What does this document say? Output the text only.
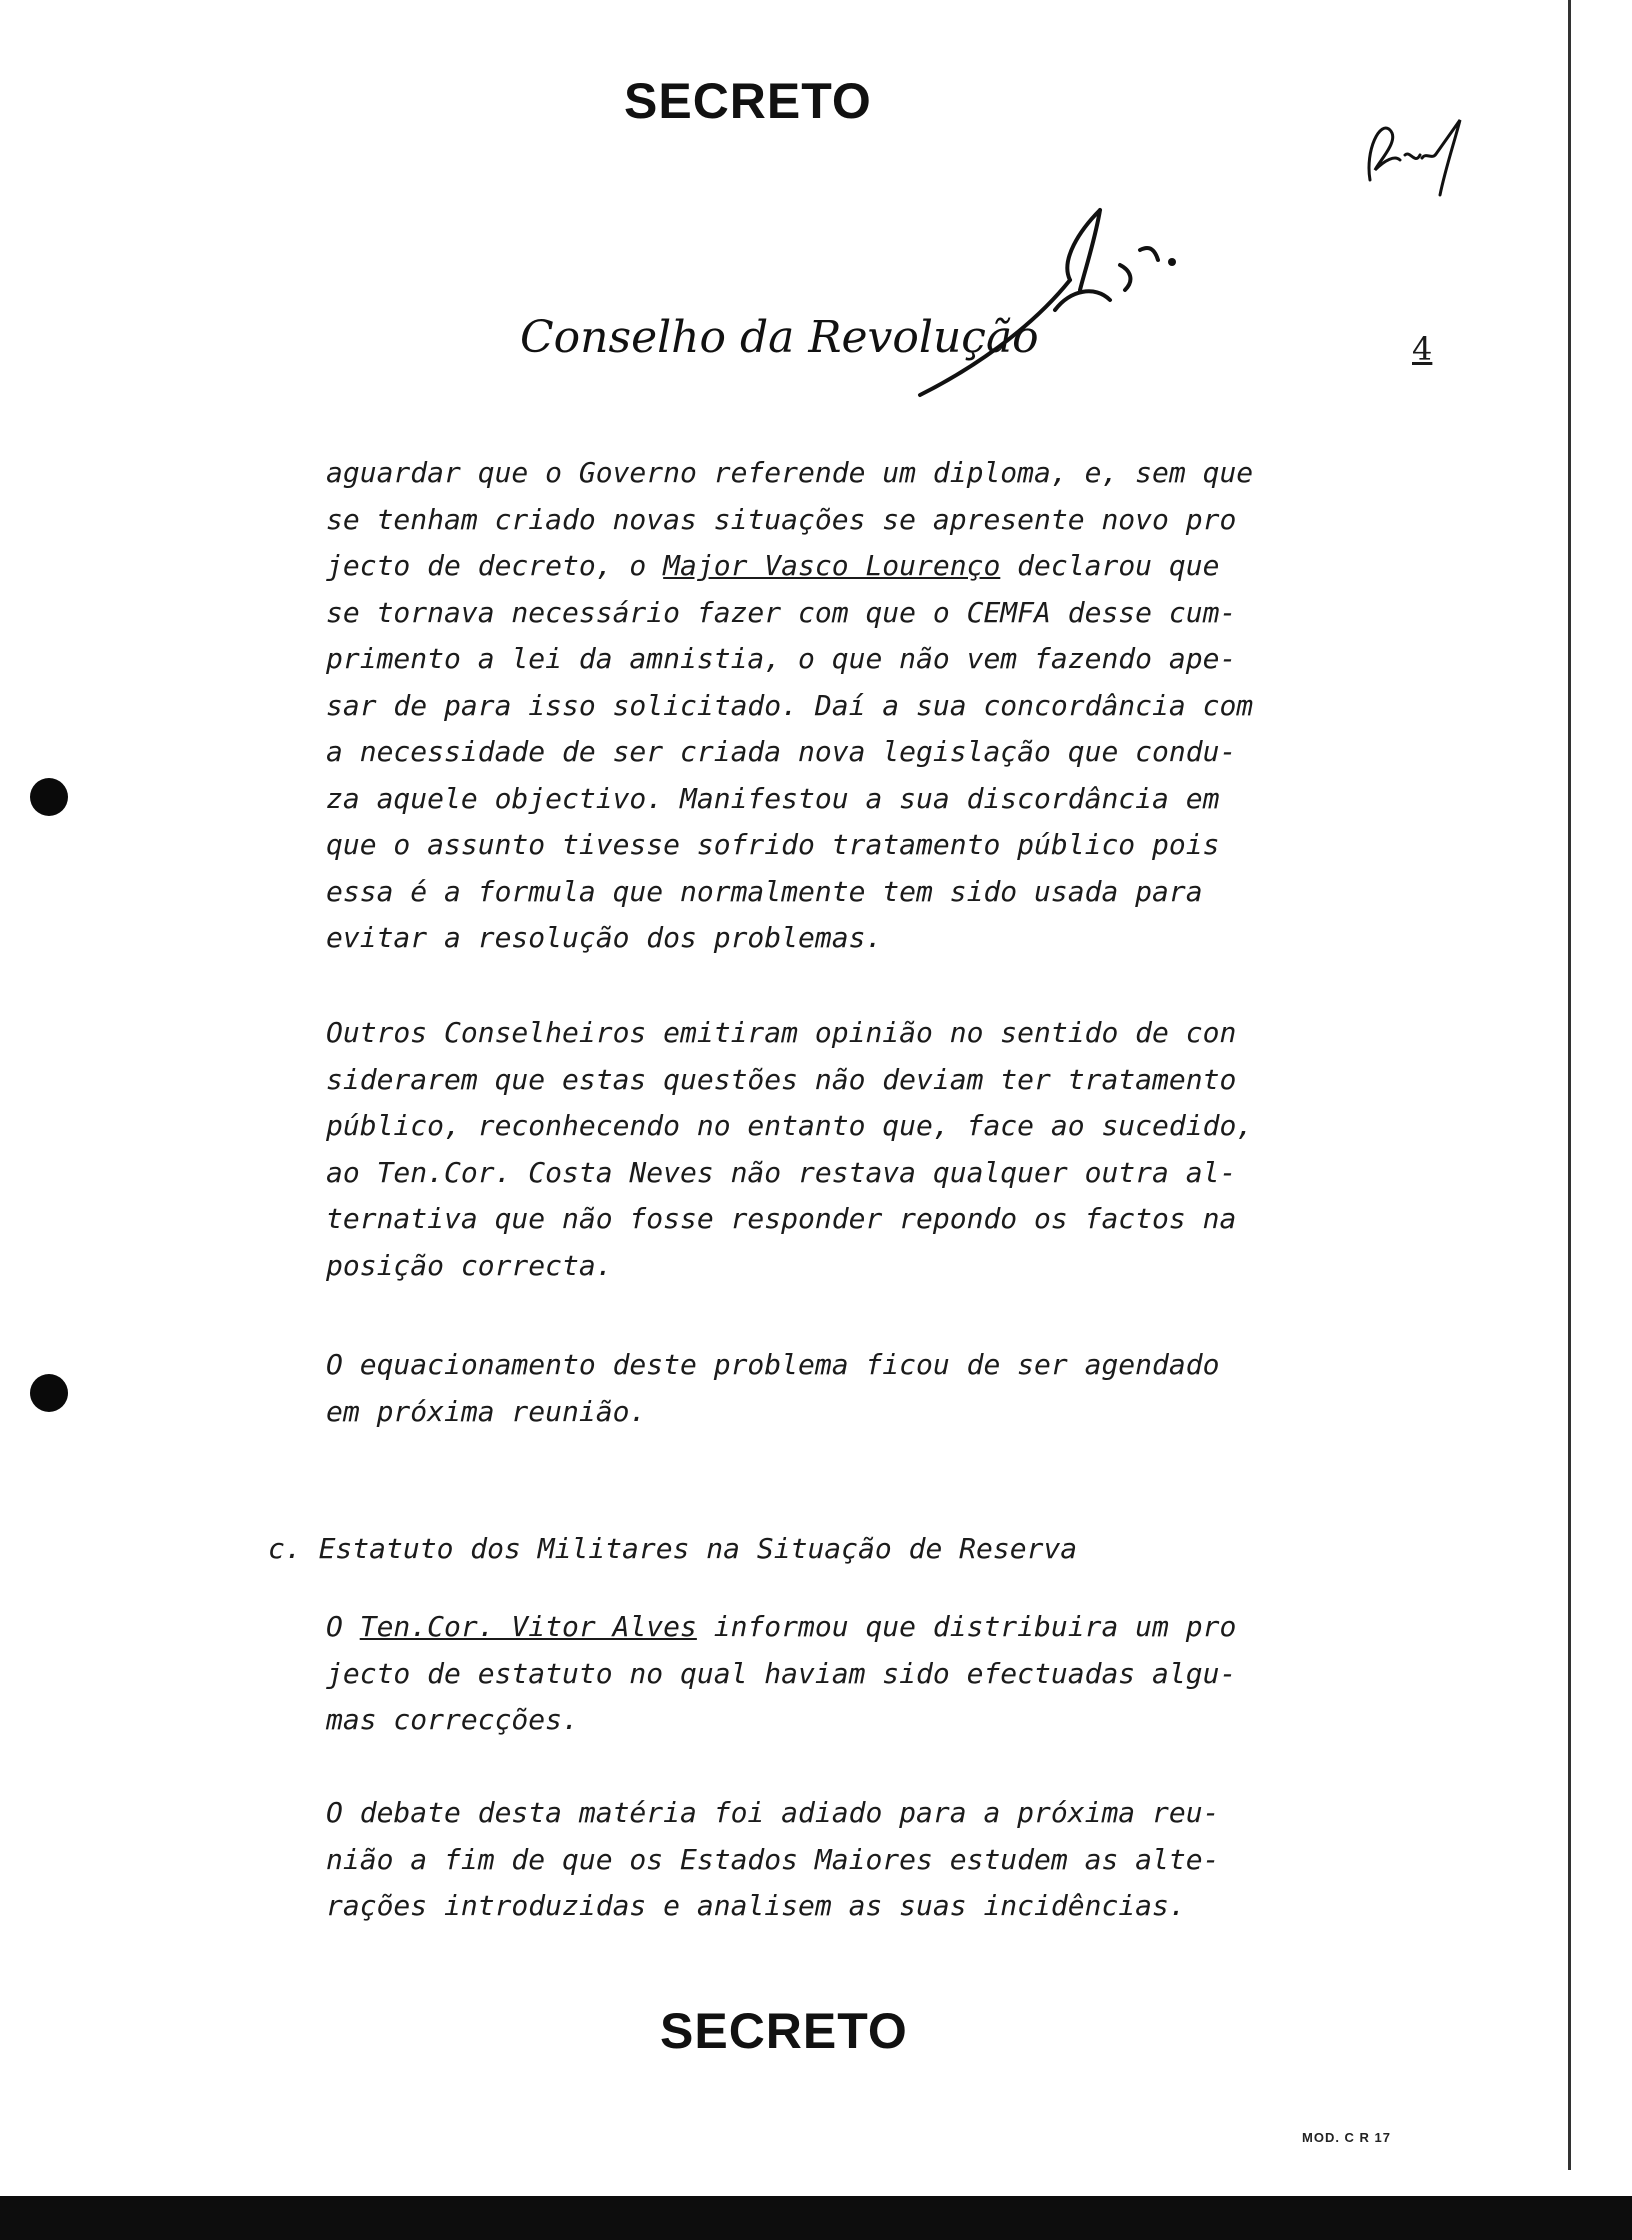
SECRETO
Conselho da Revolução	4
aguardar que o Governo referende um diploma, e, sem que
se tenham criado novas situações se apresente novo pro
jecto de decreto, o Major Vasco Lourenço declarou que
se tornava necessário fazer com que o CEMFA desse cum-
primento a lei da amnistia, o que não vem fazendo ape-
sar de para isso solicitado. Daí a sua concordância com
a necessidade de ser criada nova legislação que condu-
za aquele objectivo. Manifestou a sua discordância em
que o assunto tivesse sofrido tratamento público pois
essa é a formula que normalmente tem sido usada para
evitar a resolução dos problemas.
Outros Conselheiros emitiram opinião no sentido de con
siderarem que estas questões não deviam ter tratamento
público, reconhecendo no entanto que, face ao sucedido,
ao Ten.Cor. Costa Neves não restava qualquer outra al-
ternativa que não fosse responder repondo os factos na
posição correcta.
O equacionamento deste problema ficou de ser agendado
em próxima reunião.
c. Estatuto dos Militares na Situação de Reserva
O Ten.Cor. Vitor Alves informou que distribuira um pro
jecto de estatuto no qual haviam sido efectuadas algu-
mas correcções.
O debate desta matéria foi adiado para a próxima reu-
nião a fim de que os Estados Maiores estudem as alte-
rações introduzidas e analisem as suas incidências.
SECRETO
MOD. C R 17
